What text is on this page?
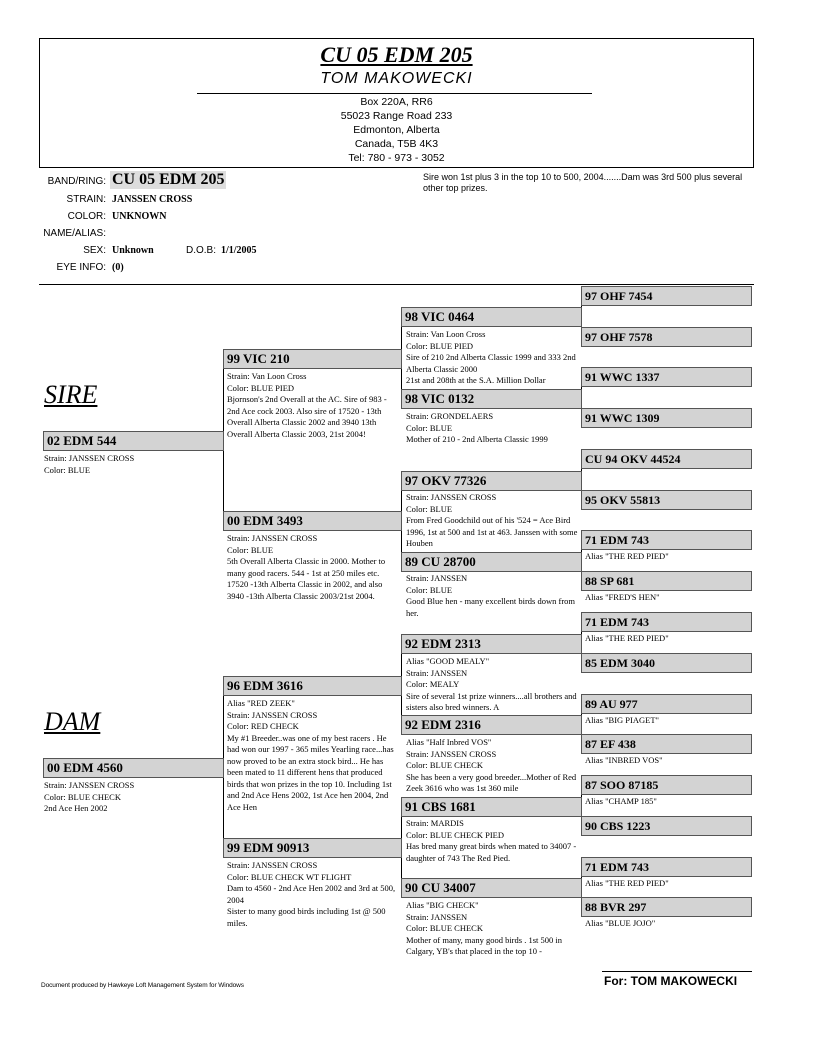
CU 05 EDM 205
TOM MAKOWECKI
Box 220A, RR6
55023 Range Road 233
Edmonton, Alberta
Canada, T5B 4K3
Tel: 780 - 973 - 3052
BAND/RING: CU 05 EDM 205
STRAIN: JANSSEN CROSS
COLOR: UNKNOWN
NAME/ALIAS:
SEX: Unknown	D.O.B: 1/1/2005
EYE INFO: (0)
Sire won 1st plus 3 in the top 10 to 500, 2004.......Dam was 3rd 500 plus several other top prizes.
SIRE
DAM
02 EDM 544
Strain: JANSSEN CROSS
Color: BLUE
00 EDM 4560
Strain: JANSSEN CROSS
Color: BLUE CHECK
2nd Ace Hen 2002
99 VIC 210
Strain: Van Loon Cross
Color: BLUE PIED
Bjornson's 2nd Overall at the AC. Sire of 983 - 2nd Ace cock 2003. Also sire of 17520 - 13th Overall Alberta Classic 2002 and 3940 13th Overall Alberta Classic 2003, 21st 2004!
00 EDM 3493
Strain: JANSSEN CROSS
Color: BLUE
5th Overall Alberta Classic in 2000. Mother to many good racers. 544 - 1st at 250 miles etc. 17520 -13th Alberta Classic in 2002, and also 3940 -13th Alberta Classic 2003/21st 2004.
96 EDM 3616
Alias "RED ZEEK"
Strain: JANSSEN CROSS
Color: RED CHECK
My #1 Breeder..was one of my best racers . He had won our 1997 - 365 miles Yearling race...has now proved to be an extra stock bird... He has been mated to 11 different hens that produced birds that won prizes in the top 10. Including 1st and 2nd Ace Hens 2002, 1st Ace hen 2004, 2nd Ace Hen
99 EDM 90913
Strain: JANSSEN CROSS
Color: BLUE CHECK WT FLIGHT
Dam to 4560 - 2nd Ace Hen 2002 and 3rd at 500, 2004
Sister to many good birds including 1st @ 500 miles.
98 VIC 0464
Strain: Van Loon Cross
Color: BLUE PIED
Sire of 210 2nd Alberta Classic 1999 and 333 2nd Alberta Classic 2000
21st and 208th at the S.A. Million Dollar
98 VIC 0132
Strain: GRONDELAERS
Color: BLUE
Mother of 210 - 2nd Alberta Classic 1999
97 OKV 77326
Strain: JANSSEN CROSS
Color: BLUE
From Fred Goodchild out of his '524 = Ace Bird 1996, 1st at 500 and 1st at 463. Janssen with some Houben
89 CU 28700
Strain: JANSSEN
Color: BLUE
Good Blue hen - many excellent birds down from her.
92 EDM 2313
Alias "GOOD MEALY"
Strain: JANSSEN
Color: MEALY
Sire of several 1st prize winners....all brothers and sisters also bred winners. A
92 EDM 2316
Alias "Half Inbred VOS"
Strain: JANSSEN CROSS
Color: BLUE CHECK
She has been a very good breeder...Mother of Red Zeek 3616 who was 1st 360 mile
91 CBS 1681
Strain: MARDIS
Color: BLUE CHECK PIED
Has bred many great birds when mated to 34007 - daughter of 743 The Red Pied.
90 CU 34007
Alias "BIG CHECK"
Strain: JANSSEN
Color: BLUE CHECK
Mother of many, many good birds . 1st 500 in Calgary, YB's that placed in the top 10 -
97 OHF 7454
97 OHF 7578
91 WWC 1337
91 WWC 1309
CU 94 OKV 44524
95 OKV 55813
71 EDM 743
Alias "THE RED PIED"
88 SP 681
Alias "FRED'S HEN"
71 EDM 743
Alias "THE RED PIED"
85 EDM 3040
89 AU 977
Alias "BIG PIAGET"
87 EF 438
Alias "INBRED VOS"
87 SOO 87185
Alias "CHAMP 185"
90 CBS 1223
71 EDM 743
Alias "THE RED PIED"
88 BVR 297
Alias "BLUE JOJO"
Document produced by Hawkeye Loft Management System for Windows	For: TOM MAKOWECKI
